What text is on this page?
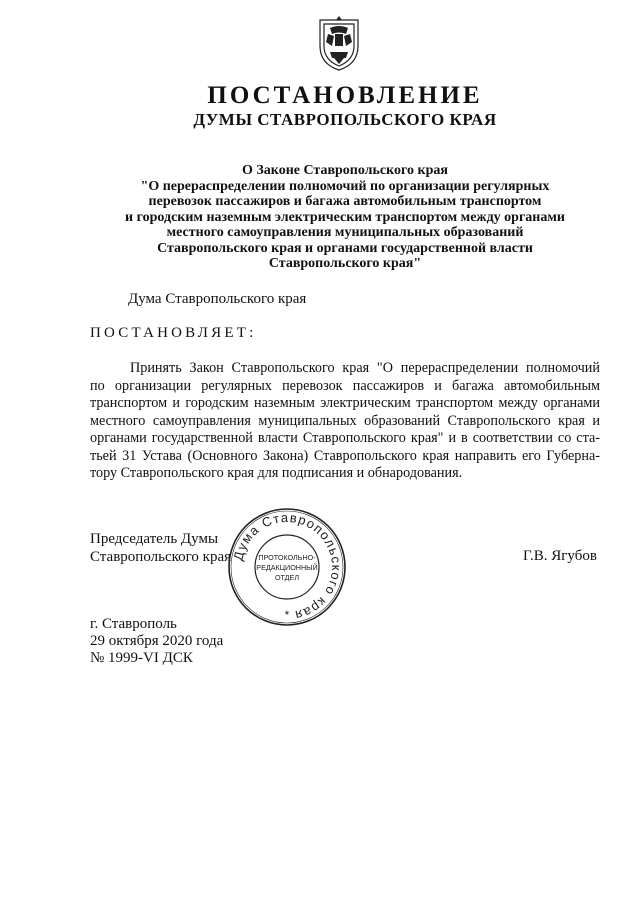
ПОСТАНОВЛЕНИЕ
ДУМЫ СТАВРОПОЛЬСКОГО КРАЯ
О Законе Ставропольского края
"О перераспределении полномочий по организации регулярных
перевозок пассажиров и багажа автомобильным транспортом
и городским наземным электрическим транспортом между органами
местного самоуправления муниципальных образований
Ставропольского края и органами государственной власти
Ставропольского края"
Дума Ставропольского края
ПОСТАНОВЛЯЕТ:
Принять Закон Ставропольского края "О перераспределении полномочий
по организации регулярных перевозок пассажиров и багажа автомобильным
транспортом и городским наземным электрическим транспортом между органами
местного самоуправления муниципальных образований Ставропольского края и
органами государственной власти Ставропольского края" и в соответствии со ста-
тьей 31 Устава (Основного Закона) Ставропольского края направить его Губерна-
тору Ставропольского края для подписания и обнародования.
Председатель Думы
Ставропольского края	Г.В. Ягубов
Дума Ставропольского края
ПРОТОКОЛЬНО-
РЕДАКЦИОННЫЙ
ОТДЕЛ
*
г. Ставрополь
29 октября 2020 года
№ 1999-VI ДСК
